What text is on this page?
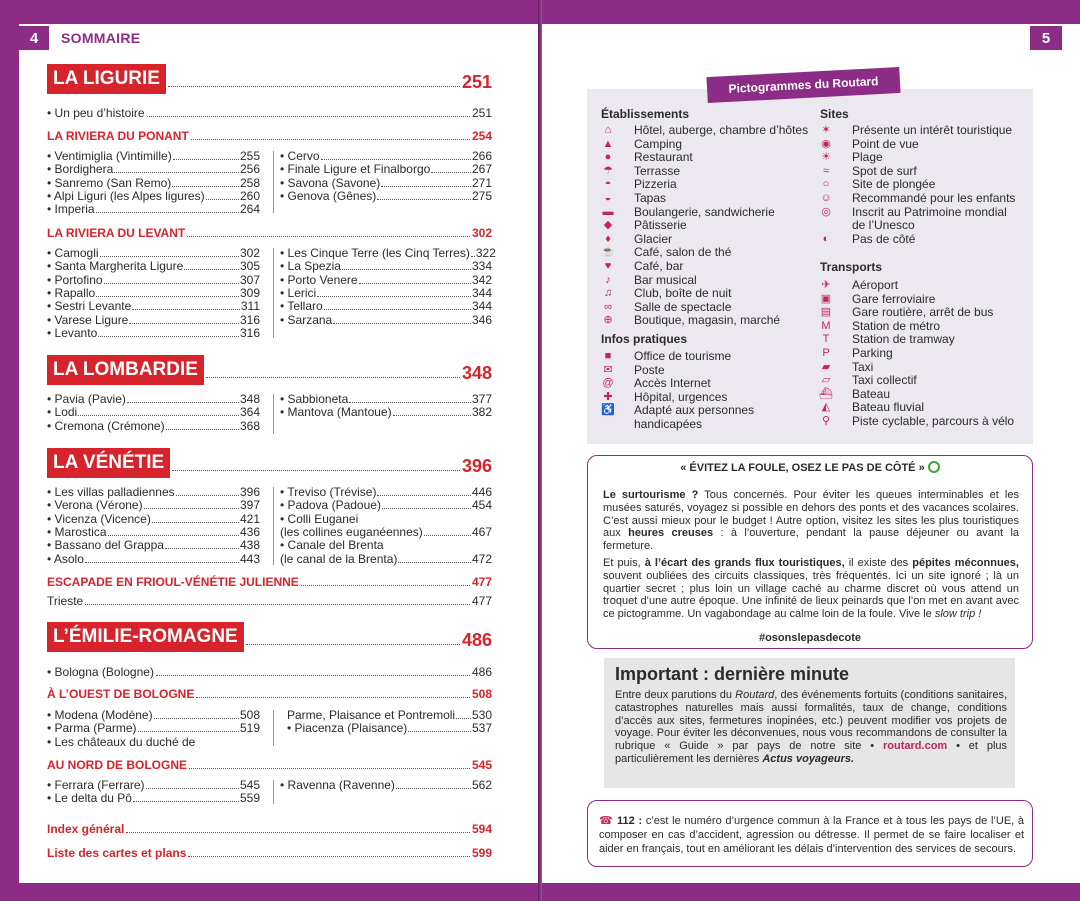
4	5
SOMMAIRE
LA LIGURIE	251
• Un peu d’histoire	251
LA RIVIERA DU PONANT	254
• Ventimiglia (Vintimille)	255
• Bordighera	256
• Sanremo (San Remo)	258
• Alpi Liguri (les Alpes ligures)	260
• Imperia	264
• Cervo	266
• Finale Ligure et Finalborgo	267
• Savona (Savone)	271
• Genova (Gênes)	275
LA RIVIERA DU LEVANT	302
• Camogli	302
• Santa Margherita Ligure	305
• Portofino	307
• Rapallo	309
• Sestri Levante	311
• Varese Ligure	316
• Levanto	316
• Les Cinque Terre (les Cinq Terres) 322
• La Spezia	334
• Porto Venere	342
• Lerici	344
• Tellaro	344
• Sarzana	346
LA LOMBARDIE	348
• Pavia (Pavie)	348
• Lodi	364
• Cremona (Crémone)	368
• Sabbioneta	377
• Mantova (Mantoue)	382
LA VÉNÉTIE	396
• Les villas palladiennes	396
• Verona (Vérone)	397
• Vicenza (Vicence)	421
• Marostica	436
• Bassano del Grappa	438
• Asolo	443
• Treviso (Trévise)	446
• Padova (Padoue)	454
• Colli Euganei
(les collines euganéennes)	467
• Canale del Brenta
(le canal de la Brenta)	472
ESCAPADE EN FRIOUL-VÉNÉTIE JULIENNE	477
Trieste	477
L’ÉMILIE-ROMAGNE	486
• Bologna (Bologne)	486
À L’OUEST DE BOLOGNE	508
• Modena (Modène)	508
• Parma (Parme)	519
• Les châteaux du duché de
Parme, Plaisance et Pontremoli 530
• Piacenza (Plaisance)	537
AU NORD DE BOLOGNE	545
• Ferrara (Ferrare)	545
• Le delta du Pô	559
• Ravenna (Ravenne)	562
Index général	594
Liste des cartes et plans	599
Établissements
⌂	Hôtel, auberge, chambre d’hôtes
▲ Camping
●	Restaurant
☂ Terrasse
◓	Pizzeria
◒	Tapas
▬ Boulangerie, sandwicherie
◆ Pâtisserie
♦	Glacier
☕ Café, salon de thé
♥	Café, bar
♪	Bar musical
♫ Club, boîte de nuit
∞ Salle de spectacle
⊕ Boutique, magasin, marché
Infos pratiques
■	Office de tourisme
✉ Poste
@ Accès Internet
✚ Hôpital, urgences
♿ Adapté aux personnes
handicapées
Sites
✶ Présente un intérêt touristique
◉ Point de vue
☀ Plage
≈	Spot de surf
○	Site de plongée
☺ Recommandé pour les enfants
◎ Inscrit au Patrimoine mondial
de l’Unesco
◐	Pas de côté
Transports
✈ Aéroport
▣ Gare ferroviaire
▤ Gare routière, arrêt de bus
M Station de métro
T	Station de tramway
P Parking
▰ Taxi
▱ Taxi collectif
⛴ Bateau
◭ Bateau fluvial
⚲ Piste cyclable, parcours à vélo
Pictogrammes du Routard
« ÉVITEZ LA FOULE, OSEZ LE PAS DE CÔTÉ »
Le surtourisme ? Tous concernés. Pour éviter les queues interminables et les musées saturés, voyagez si possible en dehors des ponts et des vacances scolaires. C’est aussi mieux pour le budget ! Autre option, visitez les sites les plus touristiques aux heures creuses : à l’ouverture, pendant la pause déjeuner ou avant la fermeture.
Et puis, à l’écart des grands flux touristiques, il existe des pépites méconnues, souvent oubliées des circuits classiques, très fréquentés. Ici un site ignoré ; là un quartier secret ; plus loin un village caché au charme discret où vous attend un troquet d’une autre époque. Une infinité de lieux peinards que l’on met en avant avec ce pictogramme. Un vagabondage au calme loin de la foule. Vive le slow trip !
#osonslepasdecote
Important : dernière minute
Entre deux parutions du Routard, des événements fortuits (conditions sanitaires, catastrophes naturelles mais aussi formalités, taux de change, conditions d’accès aux sites, fermetures inopinées, etc.) peuvent modifier vos projets de voyage. Pour éviter les déconvenues, nous vous recommandons de consulter la rubrique « Guide » par pays de notre site • routard.com • et plus particulièrement les dernières Actus voyageurs.
☎ 112 : c’est le numéro d’urgence commun à la France et à tous les pays de l’UE, à composer en cas d’accident, agression ou détresse. Il permet de se faire localiser et aider en français, tout en améliorant les délais d’intervention des services de secours.
